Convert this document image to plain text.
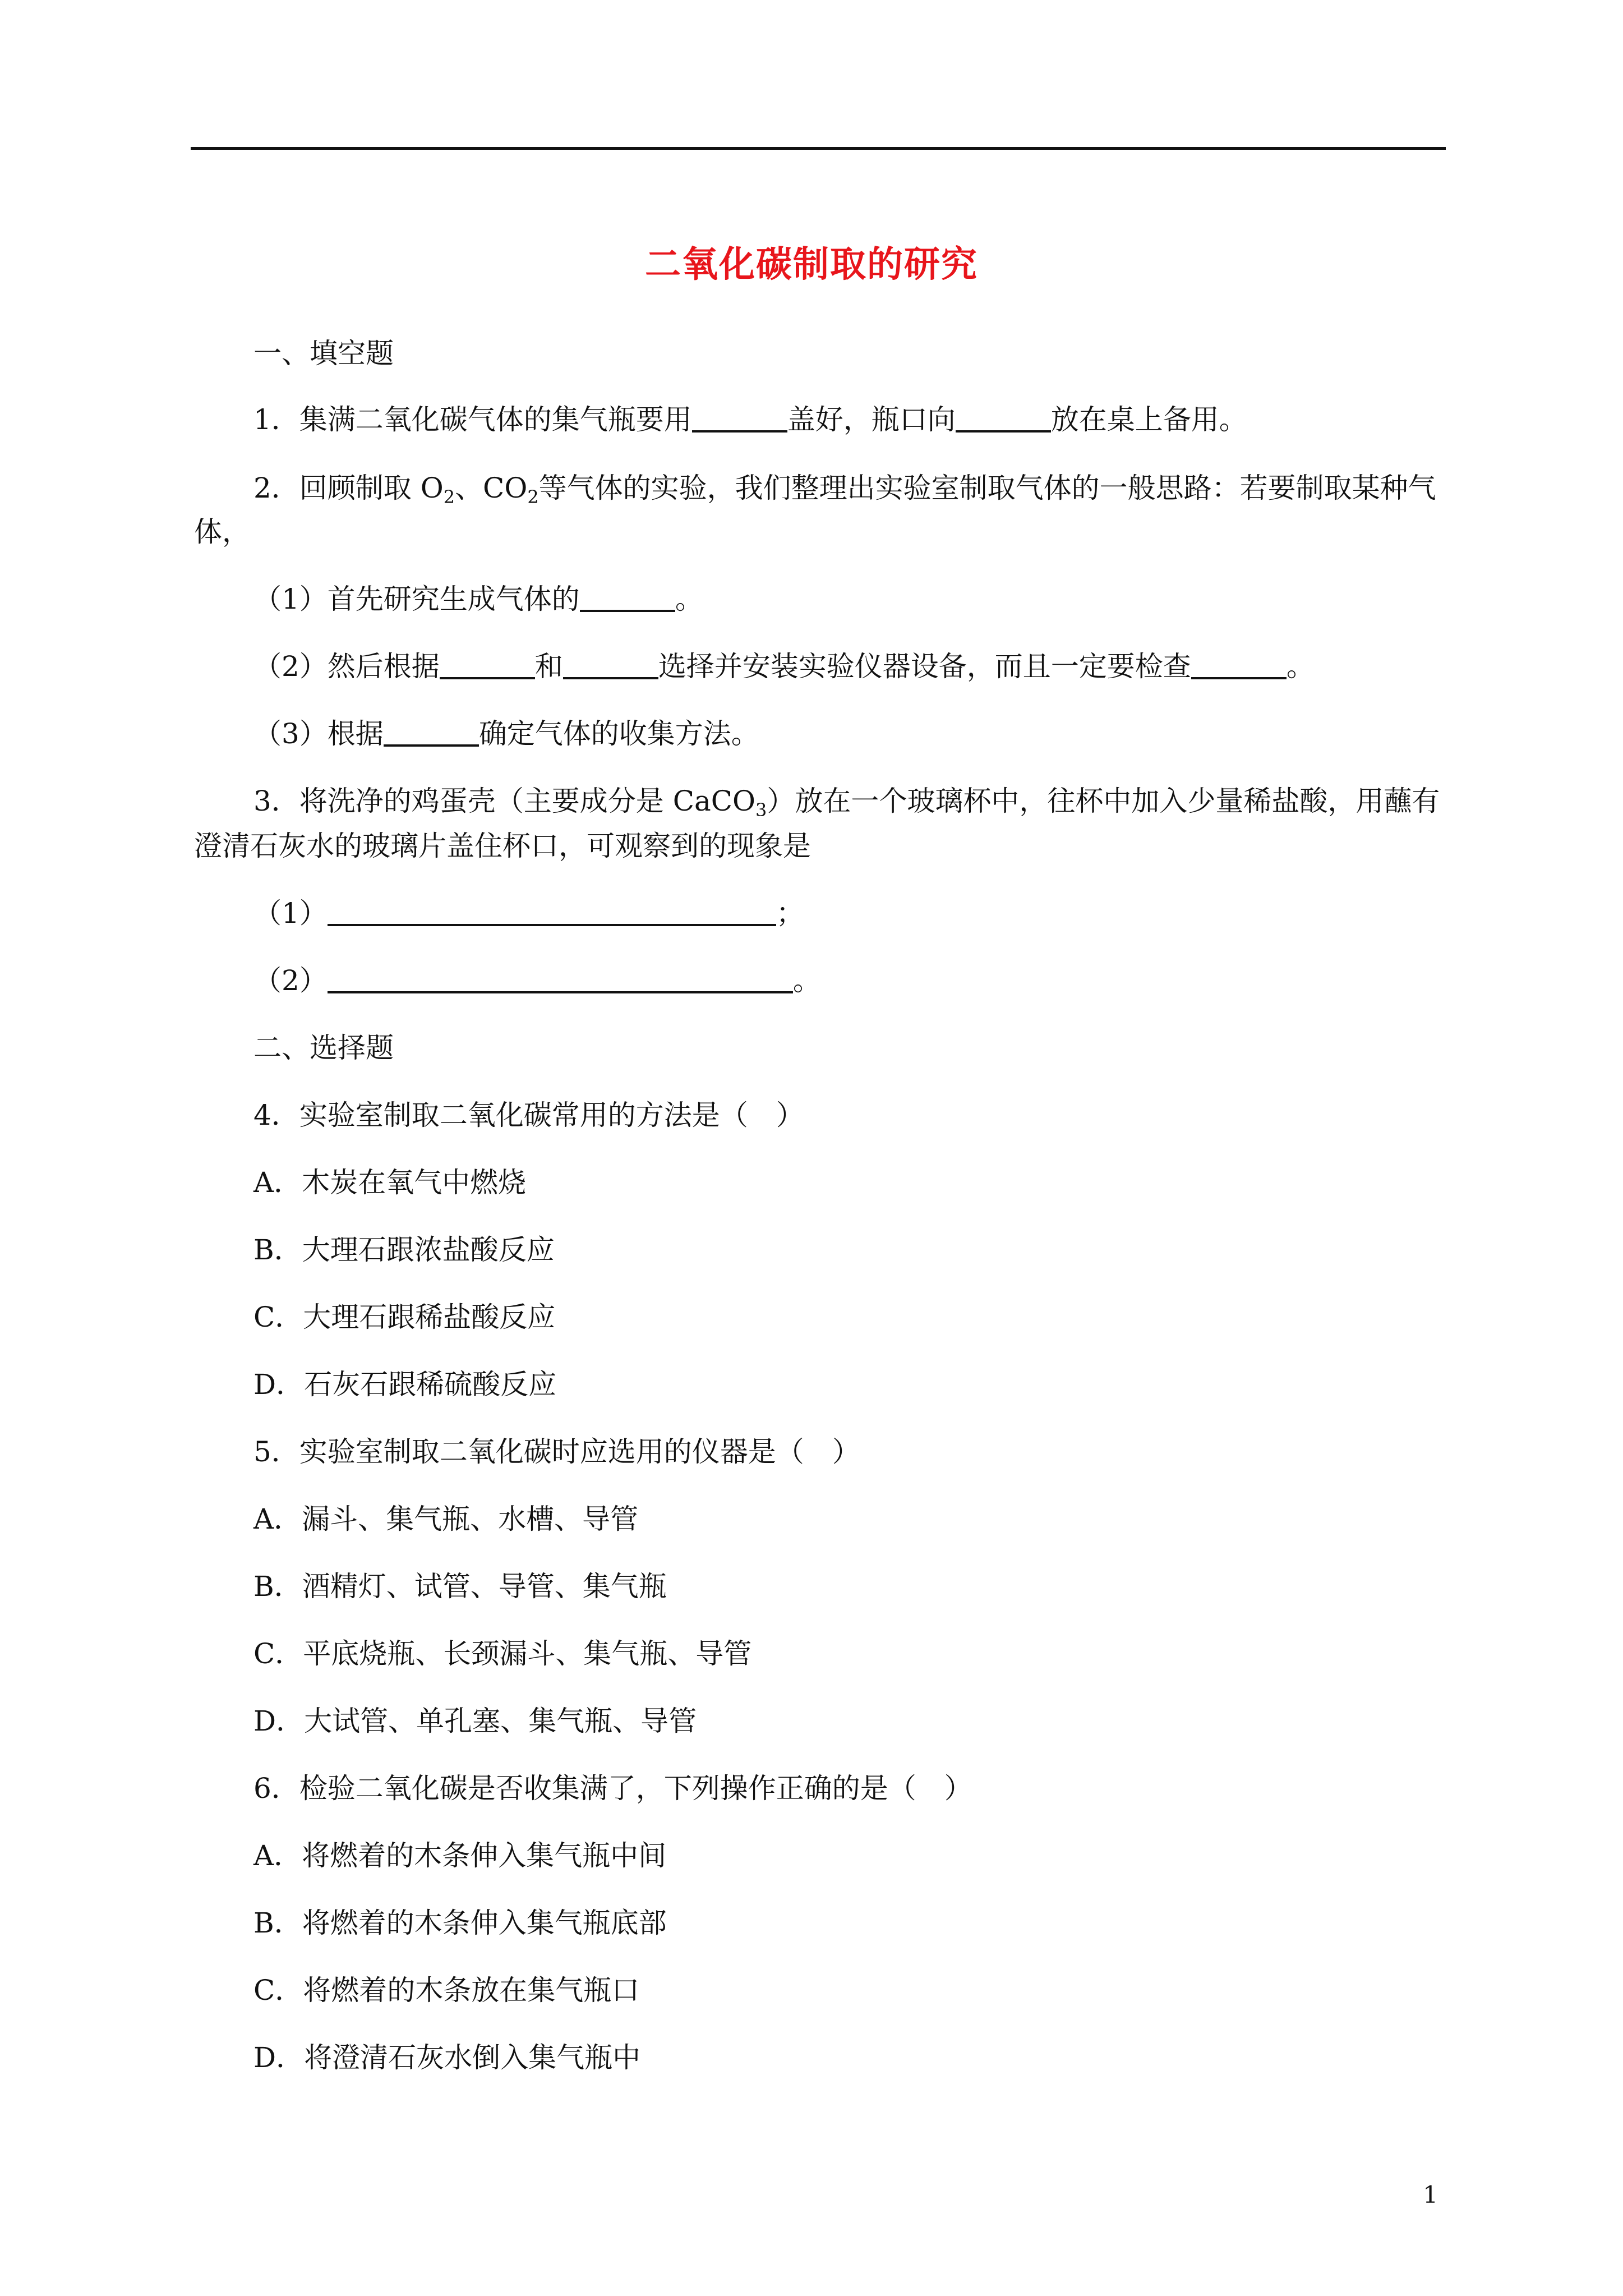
二氧化碳制取的研究
一、填空题
1．集满二氧化碳气体的集气瓶要用	盖好，瓶口向	放在桌上备用。
2．回顾制取 $O_2$、$CO_2$等气体的实验，我们整理出实验室制取气体的一般思路：若要制取某种气
体，
（1）首先研究生成气体的	。
（2）然后根据	和	选择并安装实验仪器设备，而且一定要检查	。
（3）根据	确定气体的收集方法。
3．将洗净的鸡蛋壳（主要成分是 CaCO$_3$）放在一个玻璃杯中，往杯中加入少量稀盐酸，用蘸有
澄清石灰水的玻璃片盖住杯口，可观察到的现象是
（1）	；
（2）	。
二、选择题
4．实验室制取二氧化碳常用的方法是（　）
A．木炭在氧气中燃烧
B．大理石跟浓盐酸反应
C．大理石跟稀盐酸反应
D．石灰石跟稀硫酸反应
5．实验室制取二氧化碳时应选用的仪器是（　）
A．漏斗、集气瓶、水槽、导管
B．酒精灯、试管、导管、集气瓶
C．平底烧瓶、长颈漏斗、集气瓶、导管
D．大试管、单孔塞、集气瓶、导管
6．检验二氧化碳是否收集满了，下列操作正确的是（　）
A．将燃着的木条伸入集气瓶中间
B．将燃着的木条伸入集气瓶底部
C．将燃着的木条放在集气瓶口
D．将澄清石灰水倒入集气瓶中
1
